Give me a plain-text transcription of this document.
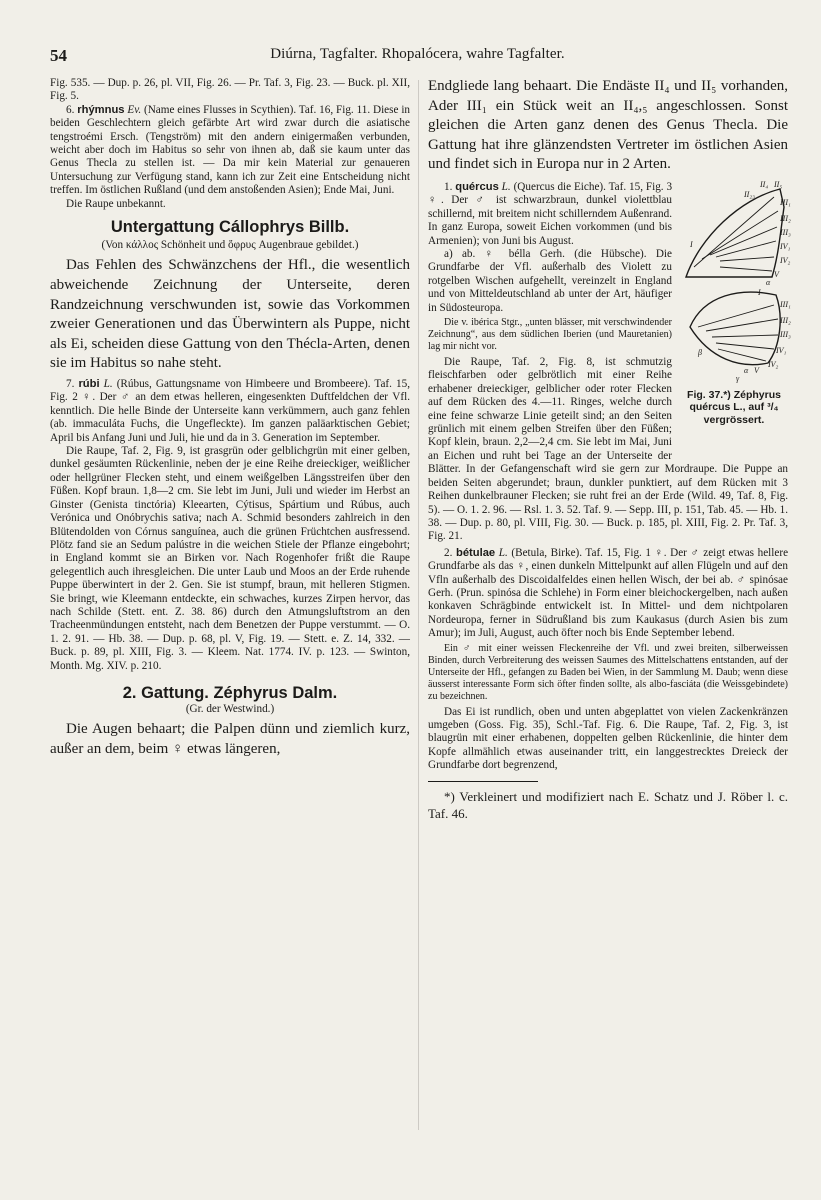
54	Diúrna, Tagfalter. Rhopalócera, wahre Tagfalter.

Fig. 535. — Dup. p. 26, pl. VII, Fig. 26. — Pr. Taf. 3, Fig. 23. — Buck. pl. XII, Fig. 5.

6. rhýmnus Ev. (Name eines Flusses in Scythien). Taf. 16, Fig. 11. Diese in beiden Geschlechtern gleich gefärbte Art wird zwar durch die asiatische tengstroémi Ersch. (Tengström) mit den andern einigermaßen verbunden, weicht aber doch im Habitus so sehr von ihnen ab, daß sie kaum unter das Genus Thecla zu stellen ist. — Da mir kein Material zur genaueren Untersuchung zur Verfügung stand, kann ich zur Zeit eine Entscheidung nicht treffen. Im östlichen Rußland (und dem anstoßenden Asien); Ende Mai, Juni.

Die Raupe unbekannt.

Untergattung Cállophrys Billb.

(Von κάλλος Schönheit und ὄφρυς Augenbraue gebildet.)

Das Fehlen des Schwänzchens der Hfl., die wesentlich abweichende Zeichnung der Unterseite, deren Randzeichnung verschwunden ist, sowie das Vorkommen zweier Generationen und das Überwintern als Puppe, nicht als Ei, scheiden diese Gattung von den Thécla-Arten, denen sie im Habitus so nahe steht.

7. rúbi L. (Rúbus, Gattungsname von Himbeere und Brombeere). Taf. 15, Fig. 2 ♀. Der ♂ an dem etwas helleren, eingesenkten Duftfeldchen der Vfl. kenntlich. Die helle Binde der Unterseite kann verkümmern, auch ganz fehlen (ab. immaculáta Fuchs, die Ungefleckte). Im ganzen paläarktischen Gebiet; April bis Anfang Juni und Juli, hie und da in 3. Generation im September.

Die Raupe, Taf. 2, Fig. 9, ist grasgrün oder gelblichgrün mit einer gelben, dunkel gesäumten Rückenlinie, neben der je eine Reihe dreieckiger, weißlicher oder hellgrüner Flecken steht, und einem weißgelben Längsstreifen über den Füßen. Kopf braun. 1,8—2 cm. Sie lebt im Juni, Juli und wieder im Herbst an Ginster (Genista tinctória) Kleearten, Cýtisus, Spártium und Rúbus, auch Verónica und Onóbrychis sativa; nach A. Schmid besonders zahlreich in den Blütendolden von Córnus sanguínea, auch die grünen Früchtchen ausfressend. Plötz fand sie an Sedum palústre in die weichen Stiele der Pflanze eingebohrt; in England kommt sie an Birken vor. Nach Rogenhofer frißt die Raupe gelegentlich auch ihresgleichen. Die unter Laub und Moos an der Erde ruhende Puppe überwintert in der 2. Gen. Sie ist stumpf, braun, mit helleren Stigmen. Sie bringt, wie Kleemann entdeckte, ein schwaches, kurzes Zirpen hervor, das nach Schilde (Stett. ent. Z. 38. 86) durch den Atmungsluftstrom an den Tracheenmündungen entsteht, nach dem Benetzen der Puppe verstummt. — O. 1. 2. 91. — Hb. 38. — Dup. p. 68, pl. V, Fig. 19. — Stett. e. Z. 14, 332. — Buck. p. 89, pl. XIII, Fig. 3. — Kleem. Nat. 1774. IV. p. 123. — Swinton, Month. Mg. XIV. p. 210.

2. Gattung. Zéphyrus Dalm.

(Gr. der Westwind.)

Die Augen behaart; die Palpen dünn und ziemlich kurz, außer an dem, beim ♀ etwas längeren,

Endgliede lang behaart. Die Endäste II₄ und II₅ vorhanden, Ader III₁ ein Stück weit an II₄,₅ angeschlossen. Sonst gleichen die Arten ganz denen des Genus Thecla. Die Gattung hat ihre glänzendsten Vertreter im östlichen Asien und findet sich in Europa nur in 2 Arten.

II₄ II₅
II₂₃
III₁
III₂
III₃
IV₁
IV₂
I
V
α
I
III₁
III₂
III₃
IV₁
IV₂
V
α
β
γ
Fig. 37.*) Zéphyrus quércus L., auf ³/₄ vergrössert.

1. quércus L. (Quercus die Eiche). Taf. 15, Fig. 3 ♀. Der ♂ ist schwarzbraun, dunkel violettblau schillernd, mit breitem nicht schillerndem Außenrand. In ganz Europa, soweit Eichen vorkommen (und bis Armenien); von Juni bis August.

a) ab. ♀ bélla Gerh. (die Hübsche). Die Grundfarbe der Vfl. außerhalb des Violett zu rotgelben Wischen aufgehellt, vereinzelt in England und von Mitteldeutschland ab unter der Art, häufiger in Südosteuropa.

Die v. ibérica Stgr., „unten blässer, mit verschwindender Zeichnung“, aus dem südlichen Iberien (und Mauretanien) lag mir nicht vor.

Die Raupe, Taf. 2, Fig. 8, ist schmutzig fleischfarben oder gelbrötlich mit einer Reihe erhabener dreieckiger, gelblicher oder roter Flecken auf dem Rücken des 4.—11. Ringes, welche durch eine feine schwarze Linie geteilt sind; an den Seiten grünlich mit einem gelben Streifen über den Füßen; Kopf klein, braun. 2,2—2,4 cm. Sie lebt im Mai, Juni an Eichen und ruht bei Tage an der Unterseite der Blätter. In der Gefangenschaft wird sie gern zur Mordraupe. Die Puppe an beiden Seiten abgerundet; braun, dunkler punktiert, auf dem Rücken mit 3 Reihen dunkelbrauner Flecken; sie ruht frei an der Erde (Wild. 49, Taf. 8, Fig. 5). — O. 1. 2. 96. — Rsl. 1. 3. 52. Taf. 9. — Sepp. III, p. 151, Tab. 45. — Hb. 1. 38. — Dup. p. 80, pl. VIII, Fig. 30. — Buck. p. 185, pl. XIII, Fig. 2. Pr. Taf. 3, Fig. 21.

2. bétulae L. (Betula, Birke). Taf. 15, Fig. 1 ♀. Der ♂ zeigt etwas hellere Grundfarbe als das ♀, einen dunkeln Mittelpunkt auf allen Flügeln und auf den Vfln außerhalb des Discoidalfeldes einen hellen Wisch, der bei ab. ♂ spinósae Gerh. (Prun. spinósa die Schlehe) in Form einer bleichockergelben, nach außen konkaven Schrägbinde entwickelt ist. In Mittel- und dem nichtpolaren Nordeuropa, ferner in Südrußland bis zum Kaukasus (durch Asien bis zum Amur); im Juli, August, auch öfter noch bis Ende September lebend.

Ein ♂ mit einer weissen Fleckenreihe der Vfl. und zwei breiten, silberweissen Binden, durch Verbreiterung des weissen Saumes des Mittelschattens entstanden, auf der Unterseite der Hfl., gefangen zu Baden bei Wien, in der Sammlung M. Daub; wenn diese äusserst interessante Form sich öfter finden sollte, als albo-fasciáta (die Weissgebindete) zu bezeichnen.

Das Ei ist rundlich, oben und unten abgeplattet von vielen Zackenkränzen umgeben (Goss. Fig. 35), Schl.-Taf. Fig. 6. Die Raupe, Taf. 2, Fig. 3, ist blaugrün mit einer erhabenen, doppelten gelben Rückenlinie, die hinter dem Kopfe allmählich etwas auseinander tritt, ein langgestrecktes Dreieck der Grundfarbe dort begrenzend,

*) Verkleinert und modifiziert nach E. Schatz und J. Röber l. c. Taf. 46.
